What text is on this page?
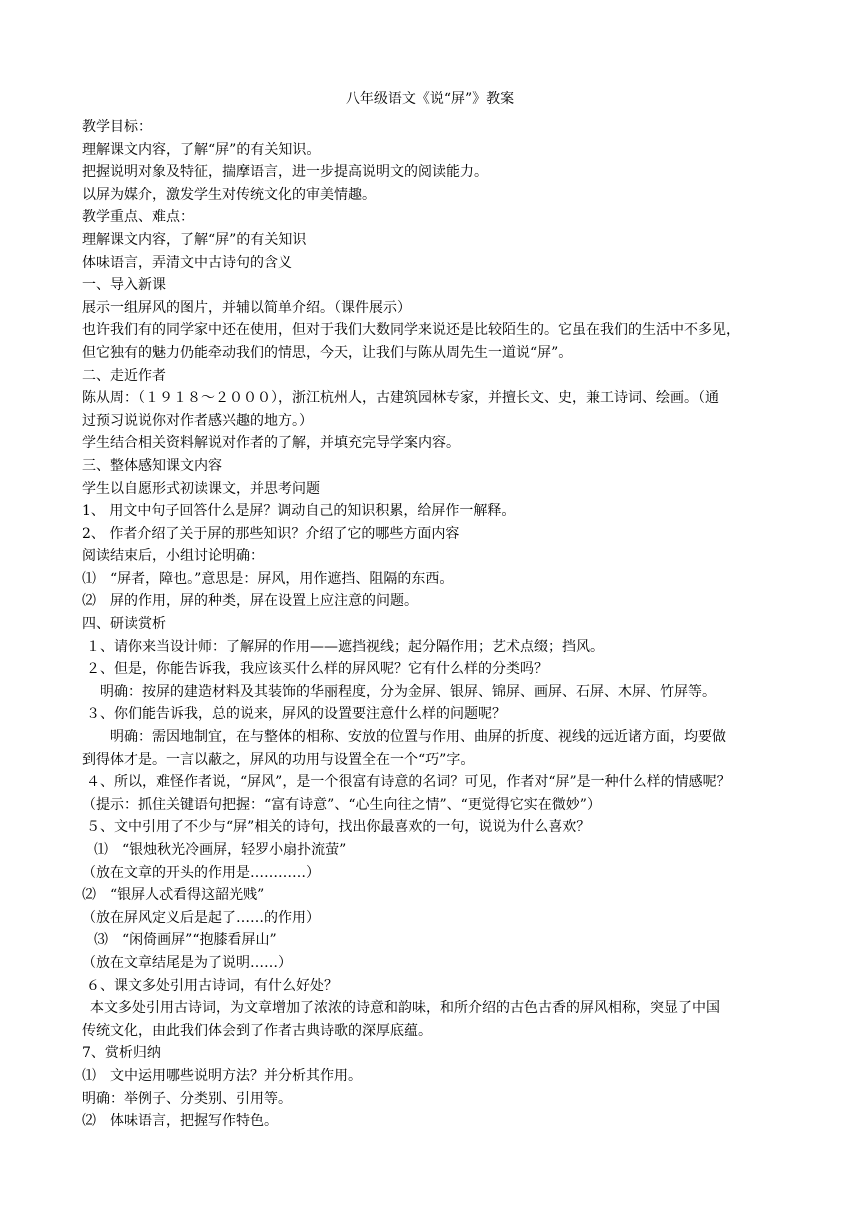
八年级语文《说“屏”》教案
教学目标：
理解课文内容，了解“屏”的有关知识。
把握说明对象及特征，揣摩语言，进一步提高说明文的阅读能力。
以屏为媒介，激发学生对传统文化的审美情趣。
教学重点、难点：
理解课文内容，了解“屏”的有关知识
体味语言，弄清文中古诗句的含义
一、导入新课
展示一组屏风的图片，并辅以简单介绍。（课件展示）
也许我们有的同学家中还在使用，但对于我们大数同学来说还是比较陌生的。它虽在我们的生活中不多见，
但它独有的魅力仍能牵动我们的情思，今天，让我们与陈从周先生一道说“屏”。
二、走近作者
陈从周：（１９１８～２０００），浙江杭州人，古建筑园林专家，并擅长文、史，兼工诗词、绘画。（通
过预习说说你对作者感兴趣的地方。）
学生结合相关资料解说对作者的了解，并填充完导学案内容。
三、整体感知课文内容
学生以自愿形式初读课文，并思考问题
1、 用文中句子回答什么是屏？调动自己的知识积累，给屏作一解释。
2、 作者介绍了关于屏的那些知识？介绍了它的哪些方面内容
阅读结束后，小组讨论明确：
⑴　“屏者，障也。”意思是：屏风，用作遮挡、阻隔的东西。
⑵　屏的作用，屏的种类，屏在设置上应注意的问题。
四、研读赏析
１、请你来当设计师：了解屏的作用——遮挡视线；起分隔作用；艺术点缀；挡风。
２、但是，你能告诉我，我应该买什么样的屏风呢？它有什么样的分类吗？
明确：按屏的建造材料及其装饰的华丽程度，分为金屏、银屏、锦屏、画屏、石屏、木屏、竹屏等。
３、你们能告诉我，总的说来，屏风的设置要注意什么样的问题呢？
明确：需因地制宜，在与整体的相称、安放的位置与作用、曲屏的折度、视线的远近诸方面，均要做
到得体才是。一言以蔽之，屏风的功用与设置全在一个“巧”字。
４、所以，难怪作者说，“屏风”，是一个很富有诗意的名词？可见，作者对“屏”是一种什么样的情感呢？
（提示：抓住关键语句把握：“富有诗意”、“心生向往之情”、“更觉得它实在微妙”）
５、文中引用了不少与“屏”相关的诗句，找出你最喜欢的一句，说说为什么喜欢？
⑴　“银烛秋光冷画屏，轻罗小扇扑流萤”
（放在文章的开头的作用是…………）
⑵　“银屏人忒看得这韶光贱”
（放在屏风定义后是起了……的作用）
⑶　“闲倚画屏”“抱膝看屏山”
（放在文章结尾是为了说明……）
６、课文多处引用古诗词，有什么好处？
本文多处引用古诗词，为文章增加了浓浓的诗意和韵味，和所介绍的古色古香的屏风相称，突显了中国
传统文化，由此我们体会到了作者古典诗歌的深厚底蕴。
7、赏析归纳
⑴　文中运用哪些说明方法？并分析其作用。
明确：举例子、分类别、引用等。
⑵　体味语言，把握写作特色。
